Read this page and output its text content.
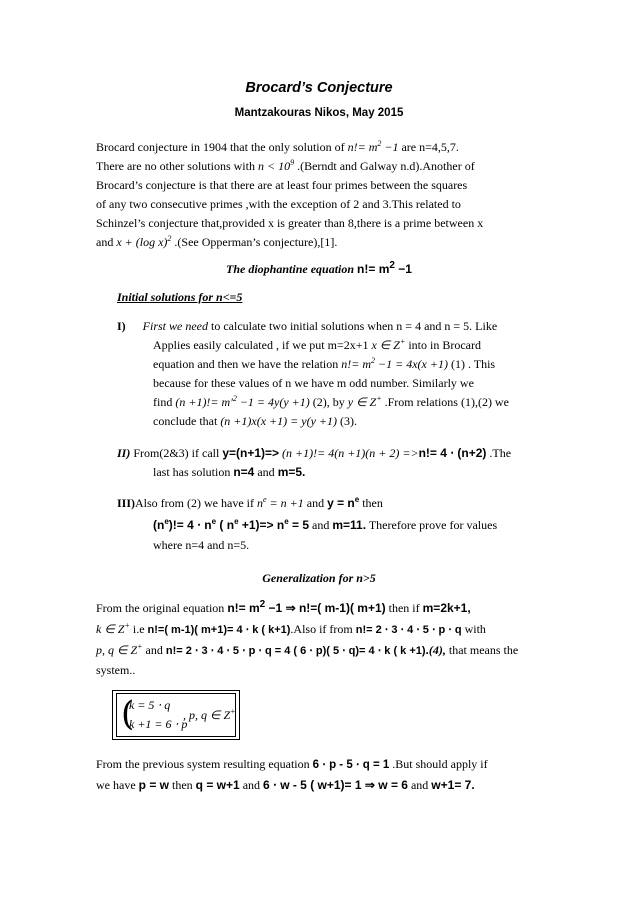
Brocard’s Conjecture
Mantzakouras Nikos, May 2015
Brocard conjecture in 1904 that the only solution of $n!= m^2 -1$ are n=4,5,7.
There are no other solutions with $n < 10^9$ .(Berndt and Galway n.d).Another of
Brocard’s conjecture is that there are at least four primes between the squares
of any two consecutive primes ,with the exception of 2 and 3.This related to
Schinzel’s conjecture that,provided x is greater than 8,there is a prime between x
and x + (log x)$^2$ .(See Opperman’s conjecture),[1].
The diophantine equation $n!= m^2 -1$
Initial solutions for n<=5
I) First we need to calculate two initial solutions when n = 4 and n = 5. Like
Applies easily calculated , if we put m=2x+1 x ∈ Z+ into in Brocard
equation and then we have the relation $n!= m^2 -1 = 4x(x +1)$ (1) . This
because for these values of n we have m odd number. Similarly we
find $(n +1)!= m'^2 -1 = 4y(y +1)$ (2), by y ∈ Z+ .From relations (1),(2) we
conclude that (n +1)x(x +1) = y(y +1) (3).
II) From(2&3) if call y=(n+1)=> (n +1)!= 4(n +1)(n + 2) =>n!= 4 ⋅ (n+2) .The
last has solution n=4 and m=5.
III)Also from (2) we have if $n^e = n +1$ and $y = n^e$ then
$(n^e)!= 4 \cdot n^e$ ( $n^e +1)=> n^e = 5$ and m=11. Therefore prove for values
where n=4 and n=5.
Generalization for n>5
From the original equation $n!= m^2 -1$ ⇒ n!=( m-1)( m+1) then if m=2k+1,
k ∈ Z+ i.e n!=( m-1)( m+1)= 4 ⋅ k ( k+1).Also if from n!= 2 ⋅ 3 ⋅ 4 ⋅ 5 ⋅ p ⋅ q with
p, q ∈ Z+ and n!= 2 ⋅ 3 ⋅ 4 ⋅ 5 ⋅ p ⋅ q = 4 ( 6 ⋅ p)( 5 ⋅ q)= 4 ⋅ k ( k +1).(4), that means the
system..
(
k = 5 ⋅ q
k +1 = 6 ⋅ p
, p, q ∈ Z+
From the previous system resulting equation 6 ⋅ p - 5 ⋅ q = 1 .But should apply if
we have p = w then q = w+1 and 6 ⋅ w - 5 ( w+1)= 1 ⇒ w = 6 and w+1= 7.
